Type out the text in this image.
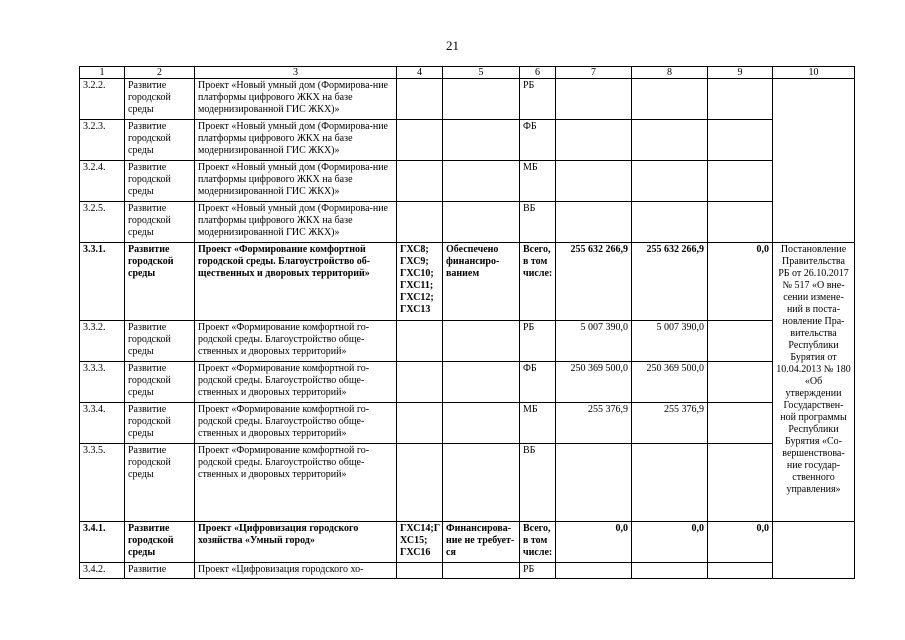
21
1	2	3	4	5	6	7	8	9	10
3.2.2.	Развитие городской среды	Проект «Новый умный дом (Формирова-ние платформы цифрового ЖКХ на базе модернизированной ГИС ЖКХ)»			РБ				
3.2.3.	Развитие городской среды	Проект «Новый умный дом (Формирова-ние платформы цифрового ЖКХ на базе модернизированной ГИС ЖКХ)»			ФБ				
3.2.4.	Развитие городской среды	Проект «Новый умный дом (Формирова-ние платформы цифрового ЖКХ на базе модернизированной ГИС ЖКХ)»			МБ				
3.2.5.	Развитие городской среды	Проект «Новый умный дом (Формирова-ние платформы цифрового ЖКХ на базе модернизированной ГИС ЖКХ)»			ВБ				
3.3.1.	Развитие городской среды	Проект «Формирование комфортной городской среды. Благоустройство об-щественных и дворовых территорий»	ГХС8; ГХС9; ГХС10; ГХС11; ГХС12; ГХС13	Обеспечено финансиро-ванием	Всего, в том числе:	255 632 266,9	255 632 266,9	0,0	Постановление Правительства РБ от 26.10.2017 № 517 «О вне-сении измене-ний в поста-новление Пра-вительства Республики Бурятия от 10.04.2013 № 180 «Об утверждении Государствен-ной программы Республики Бурятия «Со-вершенствова-ние государ-ственного управления»
3.3.2.	Развитие городской среды	Проект «Формирование комфортной го-родской среды. Благоустройство обще-ственных и дворовых территорий»			РБ	5 007 390,0	5 007 390,0		
3.3.3.	Развитие городской среды	Проект «Формирование комфортной го-родской среды. Благоустройство обще-ственных и дворовых территорий»			ФБ	250 369 500,0	250 369 500,0		
3.3.4.	Развитие городской среды	Проект «Формирование комфортной го-родской среды. Благоустройство обще-ственных и дворовых территорий»			МБ	255 376,9	255 376,9		
3.3.5.	Развитие городской среды	Проект «Формирование комфортной го-родской среды. Благоустройство обще-ственных и дворовых территорий»			ВБ				
3.4.1.	Развитие городской среды	Проект «Цифровизация городского хозяйства «Умный город»	ГХС14;Г ХС15; ГХС16	Финансирова-ние не требует-ся	Всего, в том числе:	0,0	0,0	0,0	
3.4.2.	Развитие	Проект «Цифровизация городского хо-			РБ				
